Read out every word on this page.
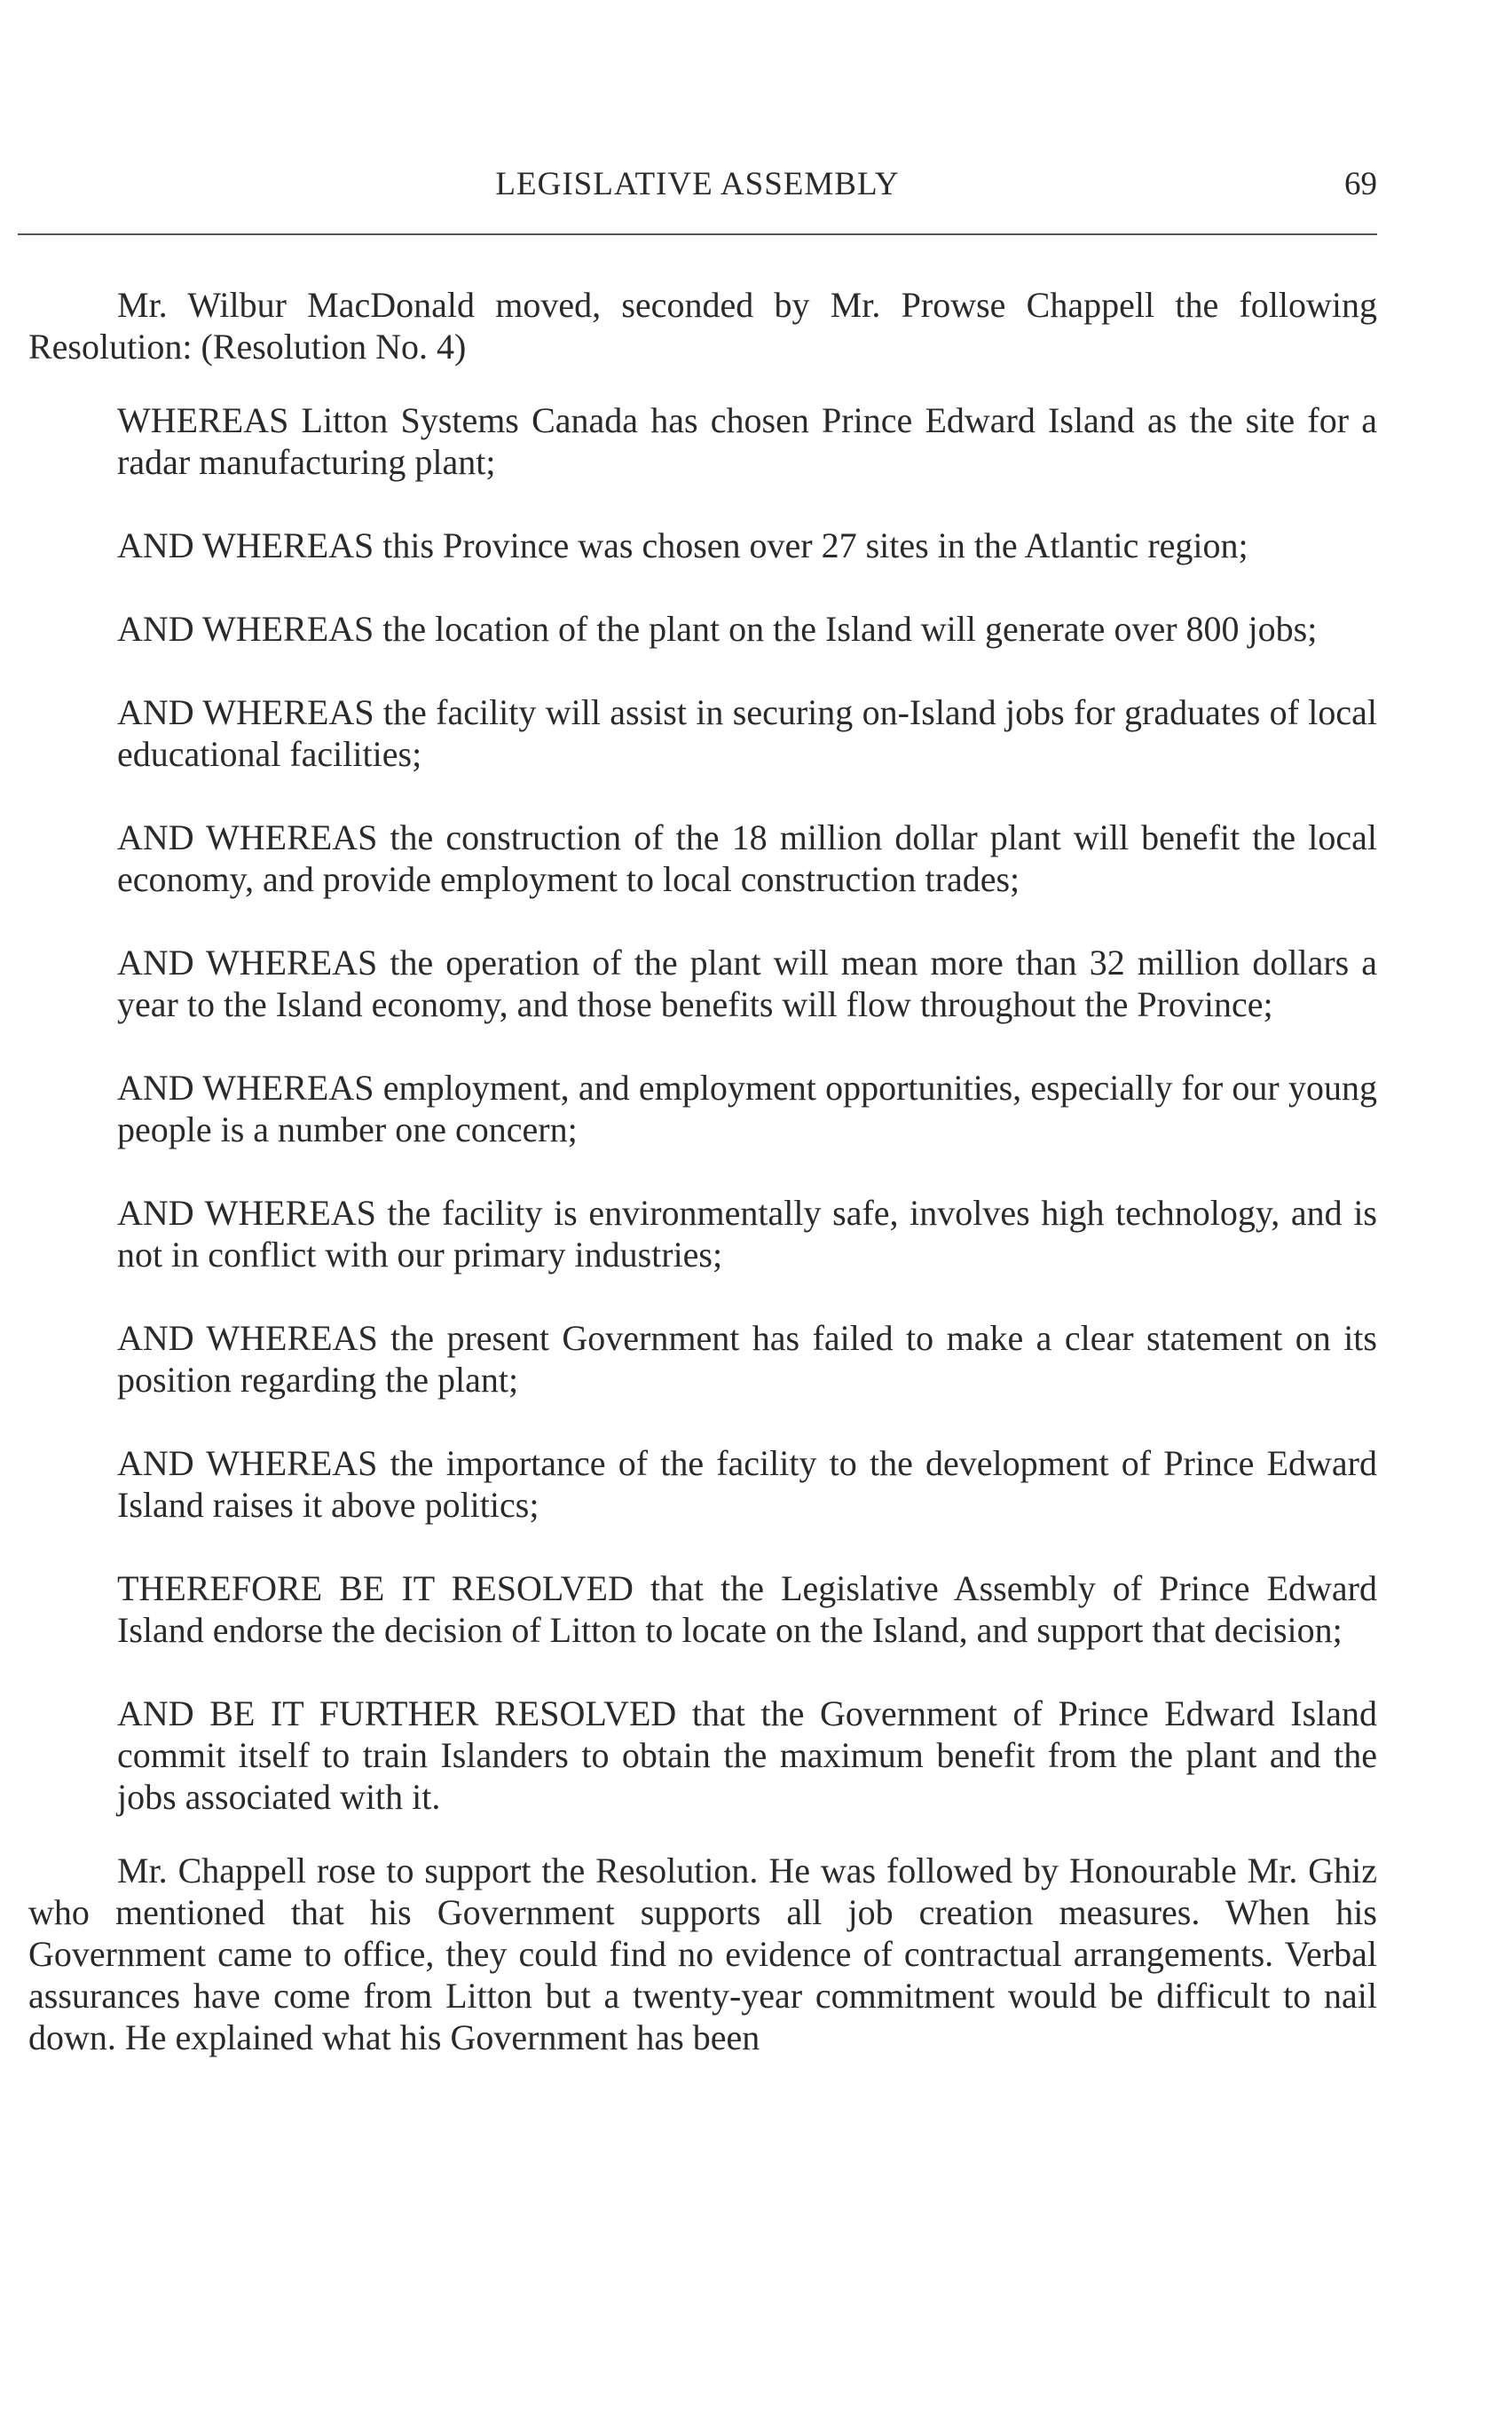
LEGISLATIVE ASSEMBLY	69

Mr. Wilbur MacDonald moved, seconded by Mr. Prowse Chappell the following Resolution: (Resolution No. 4)

WHEREAS Litton Systems Canada has chosen Prince Edward Island as the site for a radar manufacturing plant;

AND WHEREAS this Province was chosen over 27 sites in the Atlantic region;

AND WHEREAS the location of the plant on the Island will generate over 800 jobs;

AND WHEREAS the facility will assist in securing on-Island jobs for graduates of local educational facilities;

AND WHEREAS the construction of the 18 million dollar plant will benefit the local economy, and provide employment to local construction trades;

AND WHEREAS the operation of the plant will mean more than 32 million dollars a year to the Island economy, and those benefits will flow throughout the Province;

AND WHEREAS employment, and employment opportunities, especially for our young people is a number one concern;

AND WHEREAS the facility is environmentally safe, involves high technology, and is not in conflict with our primary industries;

AND WHEREAS the present Government has failed to make a clear statement on its position regarding the plant;

AND WHEREAS the importance of the facility to the development of Prince Edward Island raises it above politics;

THEREFORE BE IT RESOLVED that the Legislative Assembly of Prince Edward Island endorse the decision of Litton to locate on the Island, and support that decision;

AND BE IT FURTHER RESOLVED that the Government of Prince Edward Island commit itself to train Islanders to obtain the maximum benefit from the plant and the jobs associated with it.

Mr. Chappell rose to support the Resolution. He was followed by Honourable Mr. Ghiz who mentioned that his Government supports all job creation measures. When his Government came to office, they could find no evidence of contractual arrangements. Verbal assurances have come from Litton but a twenty-year commitment would be difficult to nail down. He explained what his Government has been
